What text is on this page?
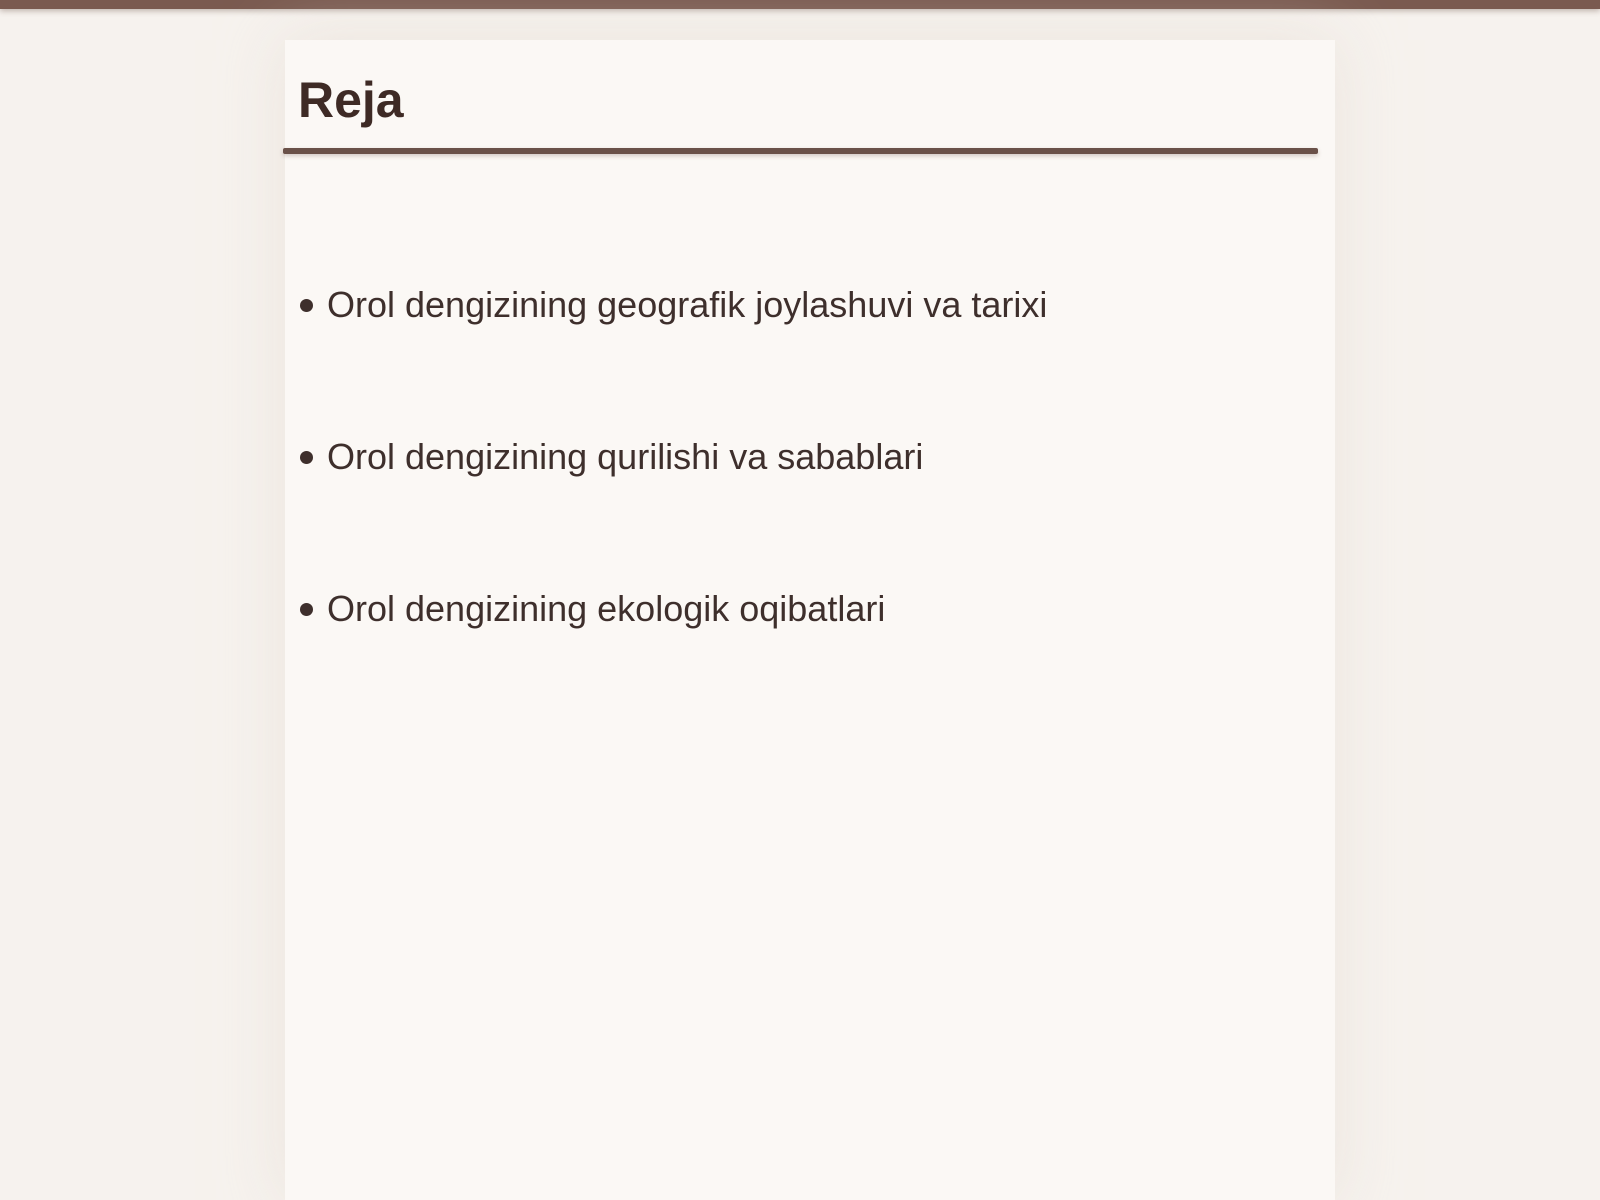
Reja
Orol dengizining geografik joylashuvi va tarixi
Orol dengizining qurilishi va sabablari
Orol dengizining ekologik oqibatlari
